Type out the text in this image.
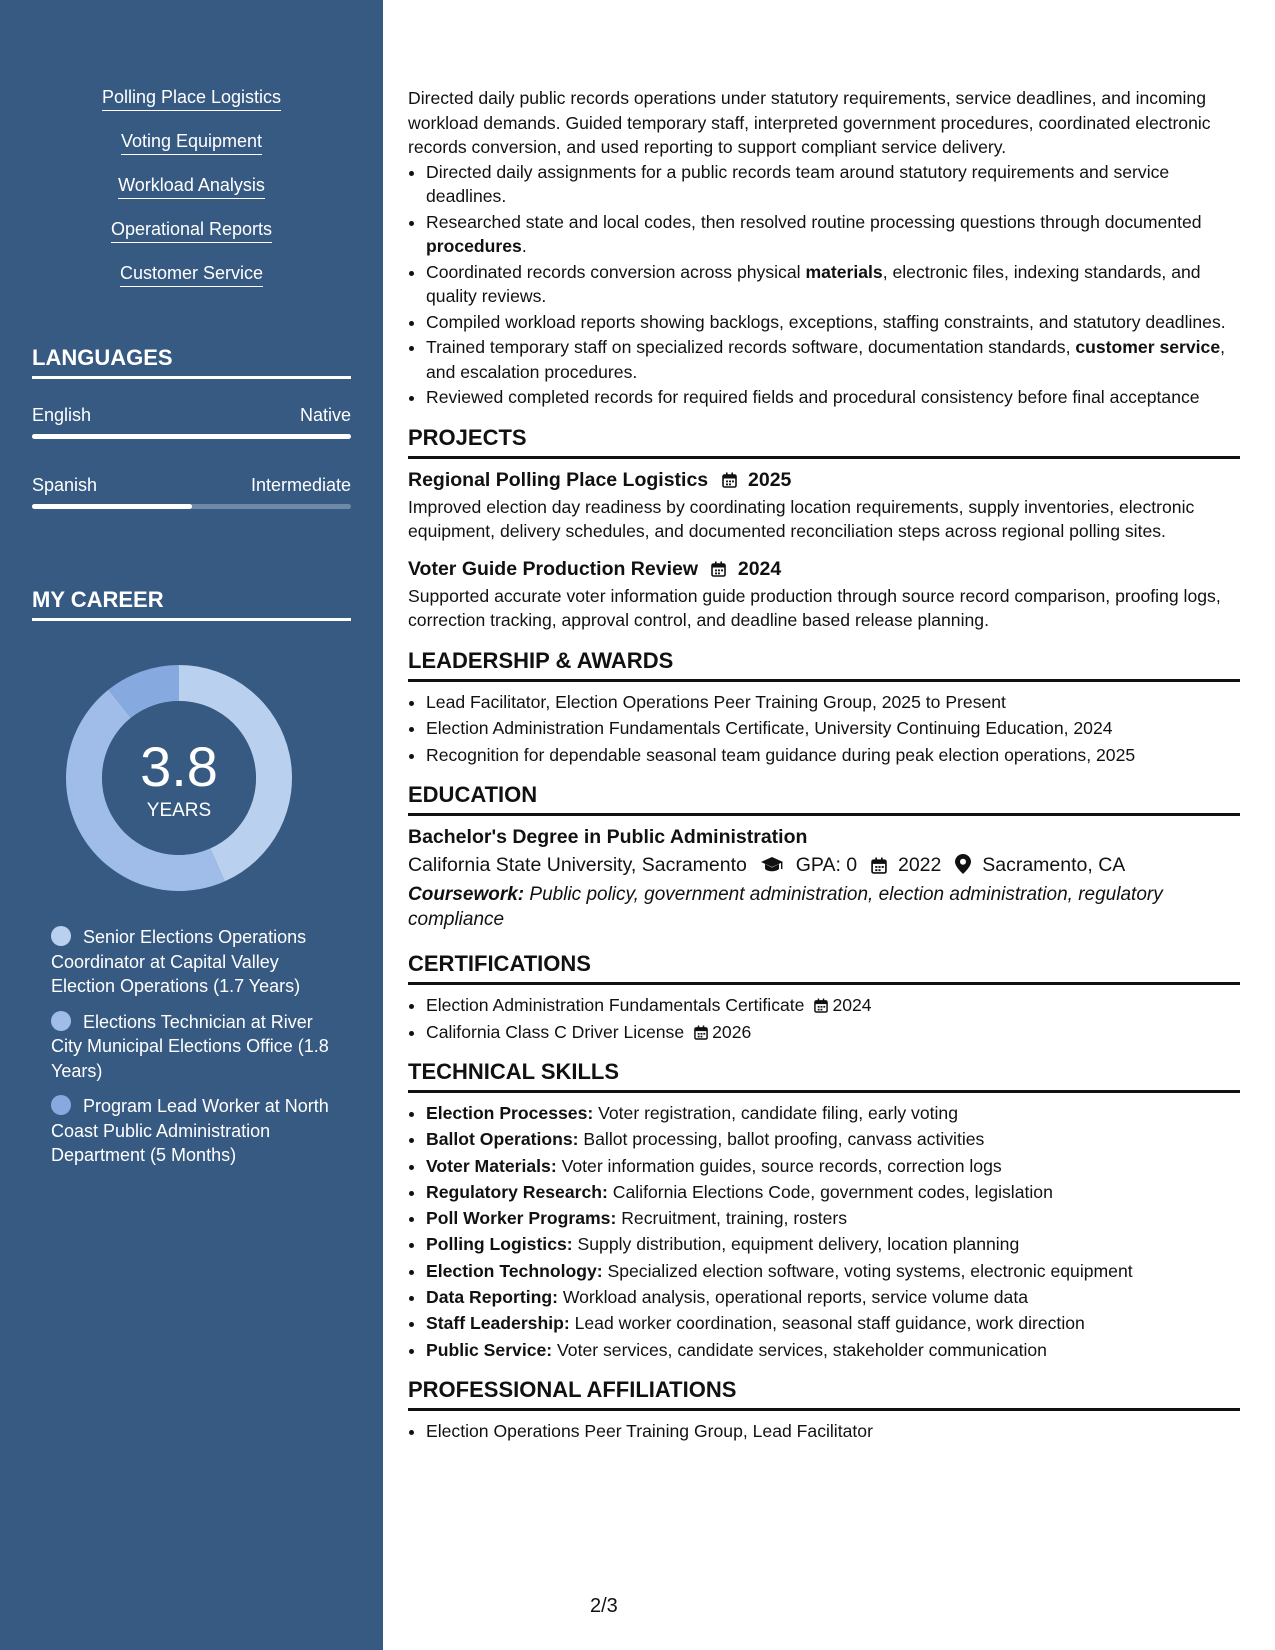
Polling Place Logistics
Voting Equipment
Workload Analysis
Operational Reports
Customer Service
LANGUAGES
English	Native
Spanish	Intermediate
MY CAREER
3.8
YEARS
Senior Elections Operations Coordinator at Capital Valley Election Operations (1.7 Years)
Elections Technician at River City Municipal Elections Office (1.8 Years)
Program Lead Worker at North Coast Public Administration Department (5 Months)

Directed daily public records operations under statutory requirements, service deadlines, and incoming workload demands. Guided temporary staff, interpreted government procedures, coordinated electronic records conversion, and used reporting to support compliant service delivery.

• Directed daily assignments for a public records team around statutory requirements and service deadlines.
• Researched state and local codes, then resolved routine processing questions through documented procedures.
• Coordinated records conversion across physical materials, electronic files, indexing standards, and quality reviews.
• Compiled workload reports showing backlogs, exceptions, staffing constraints, and statutory deadlines.
• Trained temporary staff on specialized records software, documentation standards, customer service, and escalation procedures.
• Reviewed completed records for required fields and procedural consistency before final acceptance
PROJECTS
Regional Polling Place Logistics 2025

Improved election day readiness by coordinating location requirements, supply inventories, electronic equipment, delivery schedules, and documented reconciliation steps across regional polling sites.

Voter Guide Production Review 2024

Supported accurate voter information guide production through source record comparison, proofing logs, correction tracking, approval control, and deadline based release planning.

LEADERSHIP & AWARDS
• Lead Facilitator, Election Operations Peer Training Group, 2025 to Present
• Election Administration Fundamentals Certificate, University Continuing Education, 2024
• Recognition for dependable seasonal team guidance during peak election operations, 2025
EDUCATION
Bachelor's Degree in Public Administration
California State University, Sacramento	GPA: 0 2022 Sacramento, CA
Coursework: Public policy, government administration, election administration, regulatory compliance
CERTIFICATIONS
• Election Administration Fundamentals Certificate 2024
• California Class C Driver License 2026
TECHNICAL SKILLS
• Election Processes: Voter registration, candidate filing, early voting
• Ballot Operations: Ballot processing, ballot proofing, canvass activities
• Voter Materials: Voter information guides, source records, correction logs
• Regulatory Research: California Elections Code, government codes, legislation
• Poll Worker Programs: Recruitment, training, rosters
• Polling Logistics: Supply distribution, equipment delivery, location planning
• Election Technology: Specialized election software, voting systems, electronic equipment
• Data Reporting: Workload analysis, operational reports, service volume data
• Staff Leadership: Lead worker coordination, seasonal staff guidance, work direction
• Public Service: Voter services, candidate services, stakeholder communication
PROFESSIONAL AFFILIATIONS
• Election Operations Peer Training Group, Lead Facilitator
2/3
